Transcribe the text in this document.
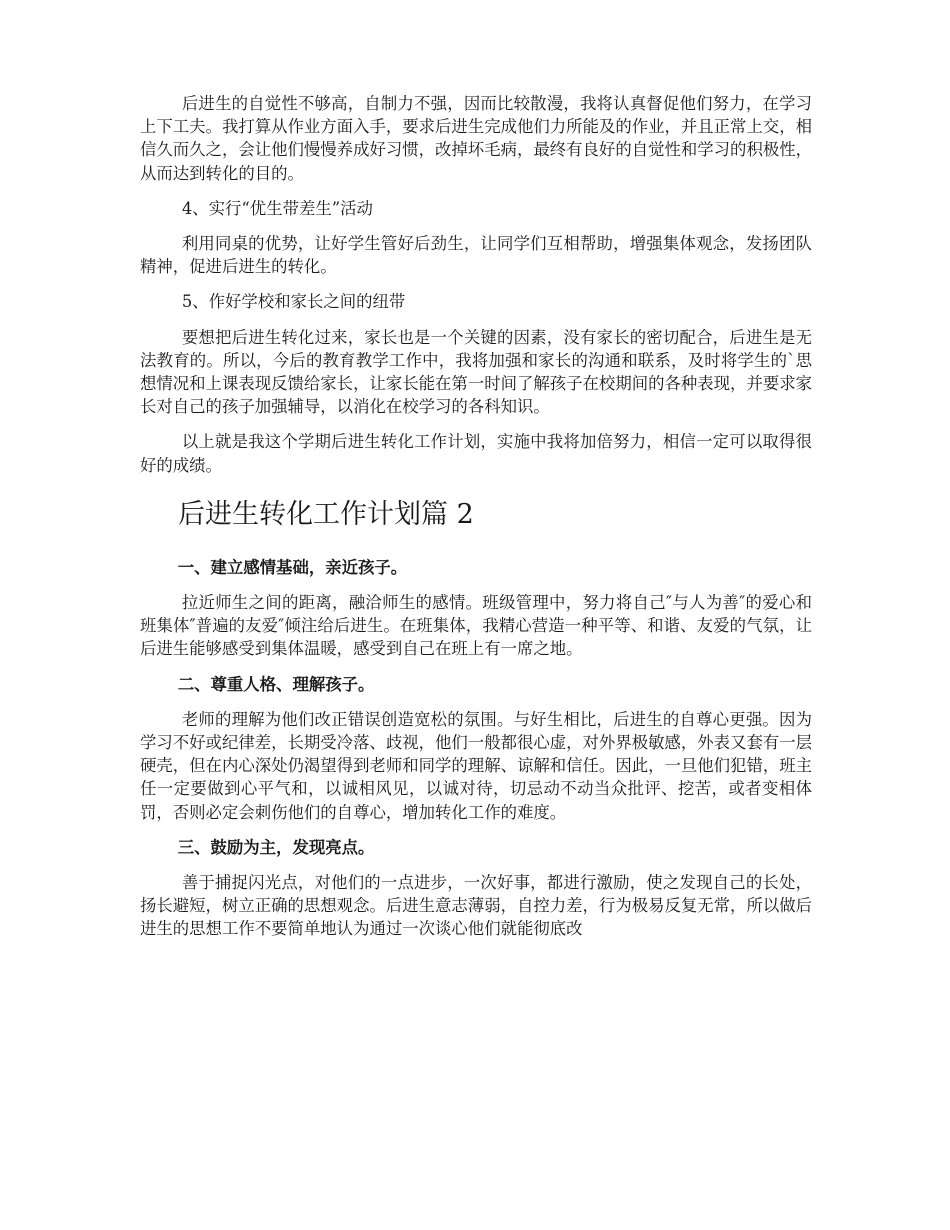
后进生的自觉性不够高，自制力不强，因而比较散漫，我将认真督促他们努力，在学习上下工夫。我打算从作业方面入手，要求后进生完成他们力所能及的作业，并且正常上交，相信久而久之，会让他们慢慢养成好习惯，改掉坏毛病，最终有良好的自觉性和学习的积极性，从而达到转化的目的。

4、实行“优生带差生”活动

利用同桌的优势，让好学生管好后劲生，让同学们互相帮助，增强集体观念，发扬团队精神，促进后进生的转化。

5、作好学校和家长之间的纽带

要想把后进生转化过来，家长也是一个关键的因素，没有家长的密切配合，后进生是无法教育的。所以，今后的教育教学工作中，我将加强和家长的沟通和联系，及时将学生的`思想情况和上课表现反馈给家长，让家长能在第一时间了解孩子在校期间的各种表现，并要求家长对自己的孩子加强辅导，以消化在校学习的各科知识。

以上就是我这个学期后进生转化工作计划，实施中我将加倍努力，相信一定可以取得很好的成绩。

后进生转化工作计划篇 2

一、建立感情基础，亲近孩子。

拉近师生之间的距离，融洽师生的感情。班级管理中，努力将自己″与人为善″的爱心和班集体″普遍的友爱″倾注给后进生。在班集体，我精心营造一种平等、和谐、友爱的气氛，让后进生能够感受到集体温暖，感受到自己在班上有一席之地。

二、尊重人格、理解孩子。

老师的理解为他们改正错误创造宽松的氛围。与好生相比，后进生的自尊心更强。因为学习不好或纪律差，长期受冷落、歧视，他们一般都很心虚，对外界极敏感，外表又套有一层硬壳，但在内心深处仍渴望得到老师和同学的理解、谅解和信任。因此，一旦他们犯错，班主任一定要做到心平气和，以诚相风见，以诚对待，切忌动不动当众批评、挖苦，或者变相体罚，否则必定会刺伤他们的自尊心，增加转化工作的难度。

三、鼓励为主，发现亮点。

善于捕捉闪光点，对他们的一点进步，一次好事，都进行激励，使之发现自己的长处，扬长避短，树立正确的思想观念。后进生意志薄弱，自控力差，行为极易反复无常，所以做后进生的思想工作不要简单地认为通过一次谈心他们就能彻底改
